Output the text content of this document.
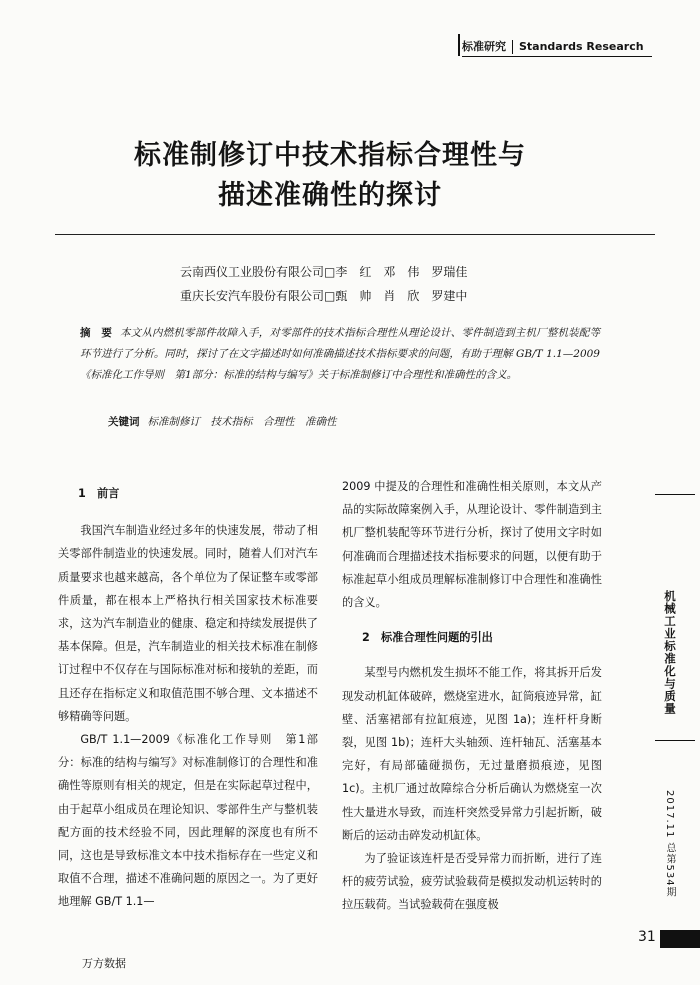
标准研究 Standards Research
标准制修订中技术指标合理性与
描述准确性的探讨
云南西仪工业股份有限公司□李　红　邓　伟　罗瑞佳
重庆长安汽车股份有限公司□甄　帅　肖　欣　罗建中
摘　要 本文从内燃机零部件故障入手，对零部件的技术指标合理性从理论设计、零件制造到主机厂整机装配等环节进行了分析。同时，探讨了在文字描述时如何准确描述技术指标要求的问题，有助于理解 GB/T 1.1—2009《标准化工作导则　第1部分：标准的结构与编写》关于标准制修订中合理性和准确性的含义。
关键词 标准制修订　技术指标　合理性　准确性
1　前言

我国汽车制造业经过多年的快速发展，带动了相关零部件制造业的快速发展。同时，随着人们对汽车质量要求也越来越高，各个单位为了保证整车或零部件质量，都在根本上严格执行相关国家技术标准要求，这为汽车制造业的健康、稳定和持续发展提供了基本保障。但是，汽车制造业的相关技术标准在制修订过程中不仅存在与国际标准对标和接轨的差距，而且还存在指标定义和取值范围不够合理、文本描述不够精确等问题。

GB/T 1.1—2009《标准化工作导则　第1部分：标准的结构与编写》对标准制修订的合理性和准确性等原则有相关的规定，但是在实际起草过程中，由于起草小组成员在理论知识、零部件生产与整机装配方面的技术经验不同，因此理解的深度也有所不同，这也是导致标准文本中技术指标存在一些定义和取值不合理，描述不准确问题的原因之一。为了更好地理解 GB/T 1.1—

2009 中提及的合理性和准确性相关原则，本文从产品的实际故障案例入手，从理论设计、零件制造到主机厂整机装配等环节进行分析，探讨了使用文字时如何准确而合理描述技术指标要求的问题，以便有助于标准起草小组成员理解标准制修订中合理性和准确性的含义。

2　标准合理性问题的引出

某型号内燃机发生损坏不能工作，将其拆开后发现发动机缸体破碎，燃烧室进水，缸筒痕迹异常，缸壁、活塞裙部有拉缸痕迹，见图 1a)；连杆杆身断裂，见图 1b)；连杆大头轴颈、连杆轴瓦、活塞基本完好，有局部磕碰损伤，无过量磨损痕迹，见图 1c)。主机厂通过故障综合分析后确认为燃烧室一次性大量进水导致，而连杆突然受异常力引起折断，破断后的运动击碎发动机缸体。

为了验证该连杆是否受异常力而折断，进行了连杆的疲劳试验，疲劳试验载荷是模拟发动机运转时的拉压载荷。当试验载荷在强度极

机械工业标准化与质量
2017.11 总第534期
31
万方数据
